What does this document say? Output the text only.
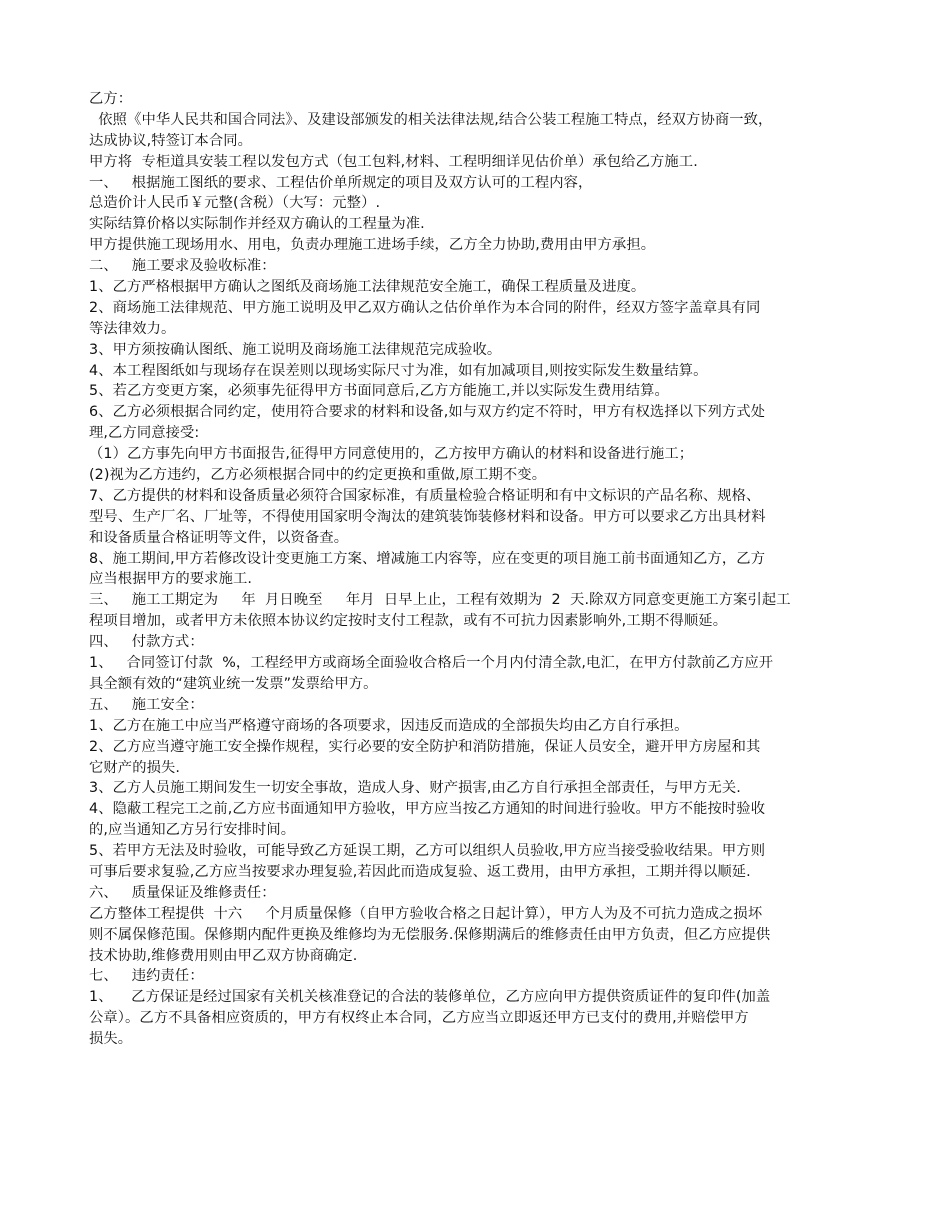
乙方：
依照《中华人民共和国合同法》、及建设部颁发的相关法律法规,结合公装工程施工特点，经双方协商一致，
达成协议,特签订本合同。
甲方将  专柜道具安装工程以发包方式（包工包料,材料、工程明细详见估价单）承包给乙方施工.
一、   根据施工图纸的要求、工程估价单所规定的项目及双方认可的工程内容，
总造价计人民币￥元整(含税）（大写：元整）.
实际结算价格以实际制作并经双方确认的工程量为准.
甲方提供施工现场用水、用电，负责办理施工进场手续，乙方全力协助,费用由甲方承担。
二、   施工要求及验收标准：
1、乙方严格根据甲方确认之图纸及商场施工法律规范安全施工，确保工程质量及进度。
2、商场施工法律规范、甲方施工说明及甲乙双方确认之估价单作为本合同的附件，经双方签字盖章具有同
等法律效力。
3、甲方须按确认图纸、施工说明及商场施工法律规范完成验收。
4、本工程图纸如与现场存在误差则以现场实际尺寸为准，如有加减项目,则按实际发生数量结算。
5、若乙方变更方案，必须事先征得甲方书面同意后,乙方方能施工,并以实际发生费用结算。
6、乙方必须根据合同约定，使用符合要求的材料和设备,如与双方约定不符时，甲方有权选择以下列方式处
理,乙方同意接受:
（1）乙方事先向甲方书面报告,征得甲方同意使用的，乙方按甲方确认的材料和设备进行施工；
(2)视为乙方违约，乙方必须根据合同中的约定更换和重做,原工期不变。
7、乙方提供的材料和设备质量必须符合国家标准，有质量检验合格证明和有中文标识的产品名称、规格、
型号、生产厂名、厂址等，不得使用国家明令淘汰的建筑装饰装修材料和设备。甲方可以要求乙方出具材料
和设备质量合格证明等文件，以资备查。
8、施工期间,甲方若修改设计变更施工方案、增减施工内容等，应在变更的项目施工前书面通知乙方，乙方
应当根据甲方的要求施工.
三、   施工工期定为     年  月日晚至     年月  日早上止，工程有效期为  2  天.除双方同意变更施工方案引起工
程项目增加，或者甲方未依照本协议约定按时支付工程款，或有不可抗力因素影响外,工期不得顺延。
四、   付款方式：
1、   合同签订付款  %，工程经甲方或商场全面验收合格后一个月内付清全款,电汇，在甲方付款前乙方应开
具全额有效的“建筑业统一发票”发票给甲方。
五、   施工安全：
1、乙方在施工中应当严格遵守商场的各项要求，因违反而造成的全部损失均由乙方自行承担。
2、乙方应当遵守施工安全操作规程，实行必要的安全防护和消防措施，保证人员安全，避开甲方房屋和其
它财产的损失.
3、乙方人员施工期间发生一切安全事故，造成人身、财产损害,由乙方自行承担全部责任，与甲方无关.
4、隐蔽工程完工之前,乙方应书面通知甲方验收，甲方应当按乙方通知的时间进行验收。甲方不能按时验收
的,应当通知乙方另行安排时间。
5、若甲方无法及时验收，可能导致乙方延误工期，乙方可以组织人员验收,甲方应当接受验收结果。甲方则
可事后要求复验,乙方应当按要求办理复验,若因此而造成复验、返工费用，由甲方承担，工期并得以顺延.
六、   质量保证及维修责任：
乙方整体工程提供  十六     个月质量保修（自甲方验收合格之日起计算），甲方人为及不可抗力造成之损坏
则不属保修范围。保修期内配件更换及维修均为无偿服务.保修期满后的维修责任由甲方负责，但乙方应提供
技术协助,维修费用则由甲乙双方协商确定.
七、   违约责任：
1、    乙方保证是经过国家有关机关核准登记的合法的装修单位，乙方应向甲方提供资质证件的复印件(加盖
公章）。乙方不具备相应资质的，甲方有权终止本合同，乙方应当立即返还甲方已支付的费用,并赔偿甲方
损失。
